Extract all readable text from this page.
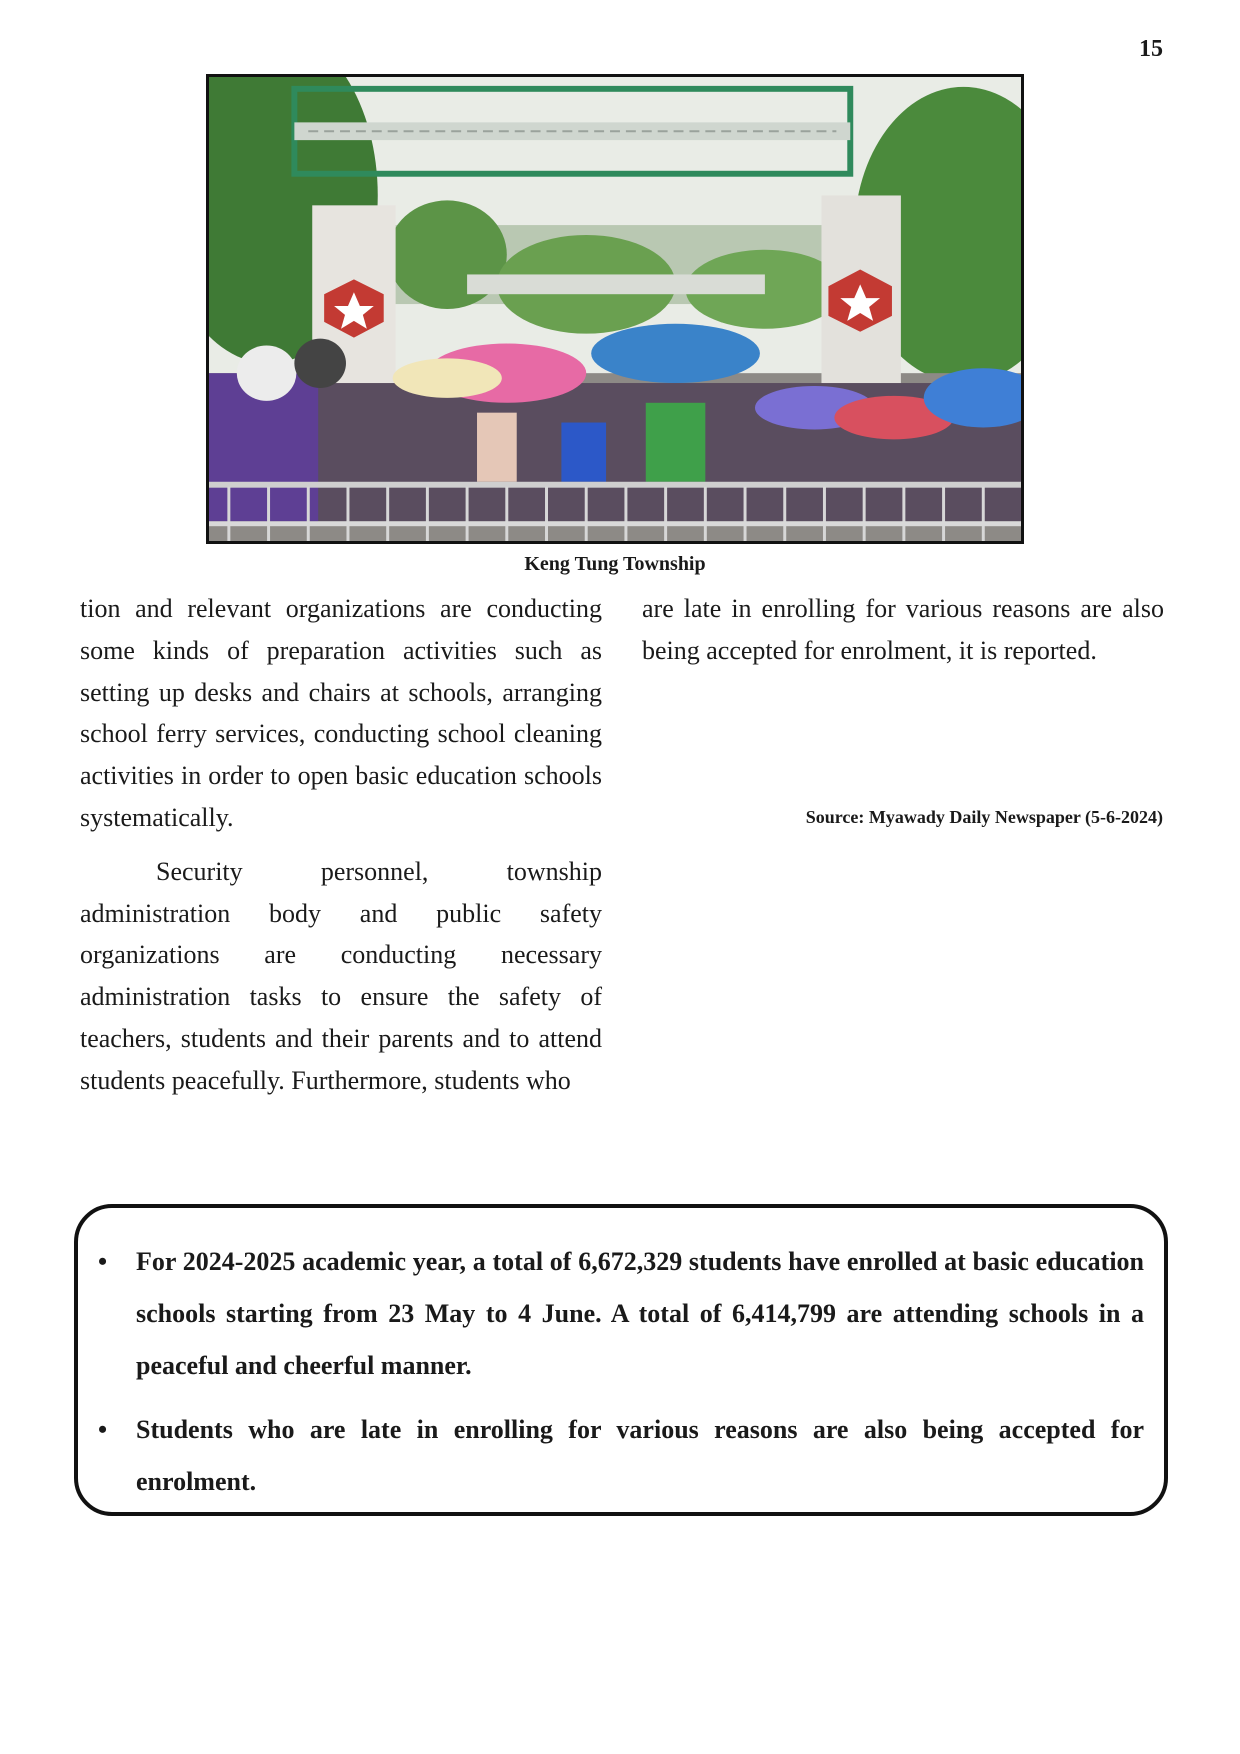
15
Keng Tung Township

tion and relevant organizations are conducting some kinds of preparation activities such as setting up desks and chairs at schools, arranging school ferry services, conducting school cleaning activities in order to open basic education schools systematically.

Security personnel, township administration body and public safety organizations are conducting necessary administration tasks to ensure the safety of teachers, students and their parents and to attend students peacefully. Furthermore, students who

are late in enrolling for various reasons are also being accepted for enrolment, it is reported.

Source: Myawady Daily Newspaper (5-6-2024)
• For 2024-2025 academic year, a total of 6,672,329 students have enrolled at basic education schools starting from 23 May to 4 June. A total of 6,414,799 are attending schools in a peaceful and cheerful manner.
• Students who are late in enrolling for various reasons are also being accepted for enrolment.
